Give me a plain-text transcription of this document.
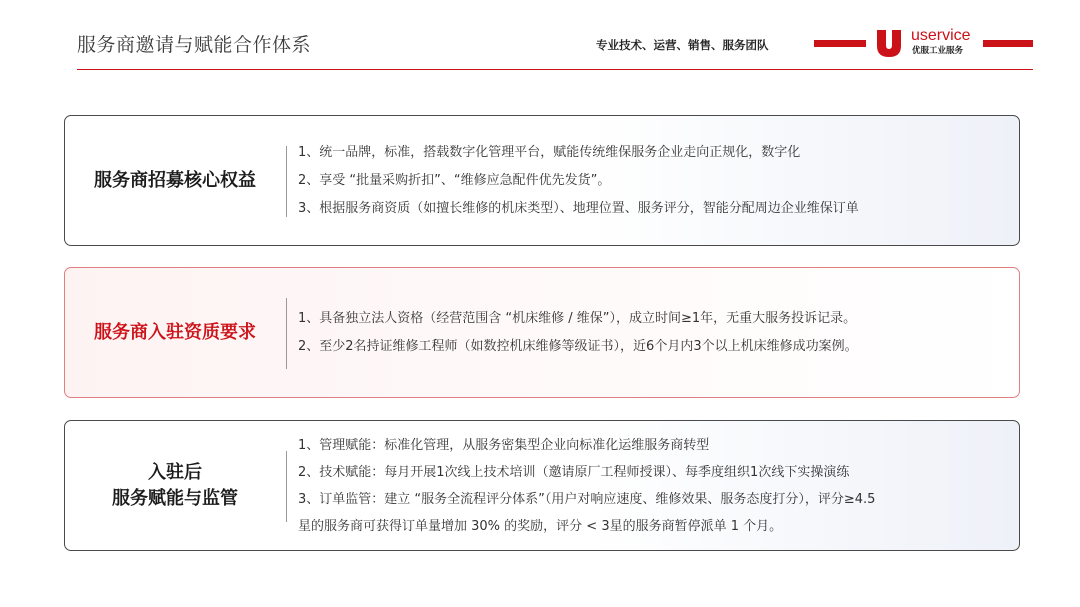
服务商邀请与赋能合作体系	专业技术、运营、销售、服务团队
uservice
优服工业服务
服务商招募核心权益
1、统一品牌，标准，搭载数字化管理平台，赋能传统维保服务企业走向正规化，数字化
2、享受 “批量采购折扣”、“维修应急配件优先发货”。
3、根据服务商资质（如擅长维修的机床类型）、地理位置、服务评分，智能分配周边企业维保订单
服务商入驻资质要求
1、具备独立法人资格（经营范围含 “机床维修 / 维保”），成立时间≥1年，无重大服务投诉记录。
2、至少2名持证维修工程师（如数控机床维修等级证书），近6个月内3个以上机床维修成功案例。
入驻后
服务赋能与监管
1、管理赋能：标准化管理，从服务密集型企业向标准化运维服务商转型
2、技术赋能：每月开展1次线上技术培训（邀请原厂工程师授课）、每季度组织1次线下实操演练
3、订单监管：建立 “服务全流程评分体系”（用户对响应速度、维修效果、服务态度打分），评分≥4.5
星的服务商可获得订单量增加 30% 的奖励，评分 < 3星的服务商暂停派单 1 个月。
